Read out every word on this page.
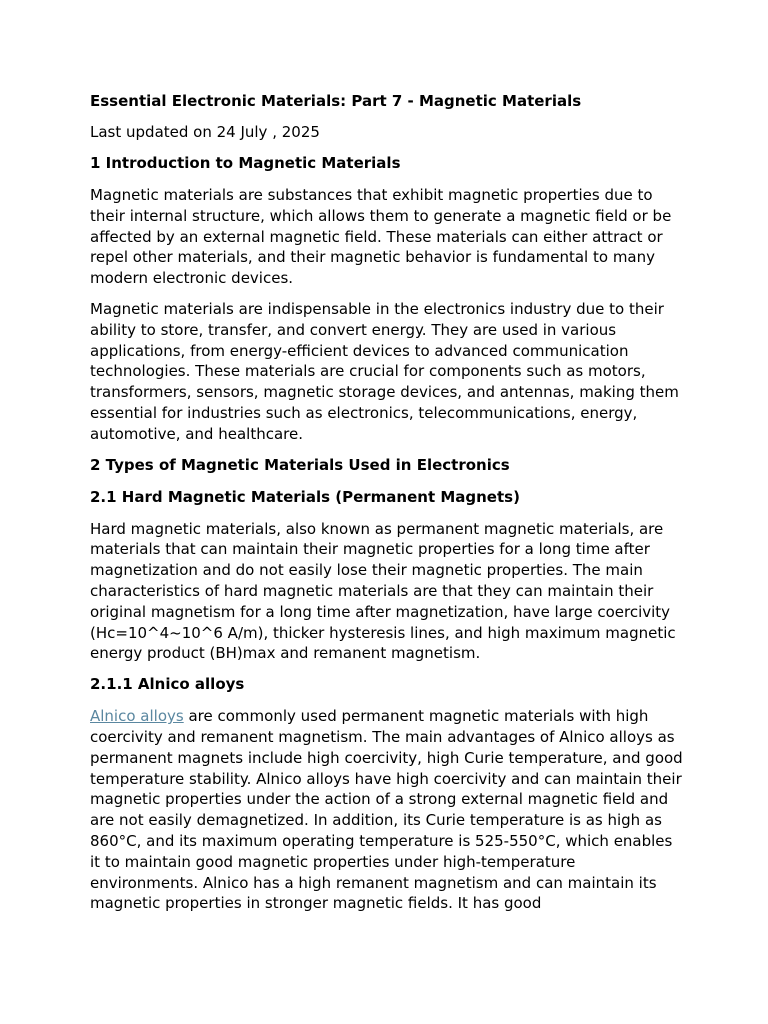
Essential Electronic Materials: Part 7 - Magnetic Materials
Last updated on 24 July , 2025
1 Introduction to Magnetic Materials

Magnetic materials are substances that exhibit magnetic properties due to their internal structure, which allows them to generate a magnetic field or be affected by an external magnetic field. These materials can either attract or repel other materials, and their magnetic behavior is fundamental to many modern electronic devices.

Magnetic materials are indispensable in the electronics industry due to their ability to store, transfer, and convert energy. They are used in various applications, from energy-efficient devices to advanced communication technologies. These materials are crucial for components such as motors, transformers, sensors, magnetic storage devices, and antennas, making them essential for industries such as electronics, telecommunications, energy, automotive, and healthcare.

2 Types of Magnetic Materials Used in Electronics
2.1 Hard Magnetic Materials (Permanent Magnets)

Hard magnetic materials, also known as permanent magnetic materials, are materials that can maintain their magnetic properties for a long time after magnetization and do not easily lose their magnetic properties. The main characteristics of hard magnetic materials are that they can maintain their original magnetism for a long time after magnetization, have large coercivity (Hc=10^4~10^6 A/m), thicker hysteresis lines, and high maximum magnetic energy product (BH)max and remanent magnetism.

2.1.1 Alnico alloys

Alnico alloys are commonly used permanent magnetic materials with high coercivity and remanent magnetism. The main advantages of Alnico alloys as permanent magnets include high coercivity, high Curie temperature, and good temperature stability. Alnico alloys have high coercivity and can maintain their magnetic properties under the action of a strong external magnetic field and are not easily demagnetized. In addition, its Curie temperature is as high as 860°C, and its maximum operating temperature is 525-550°C, which enables it to maintain good magnetic properties under high-temperature environments. Alnico has a high remanent magnetism and can maintain its magnetic properties in stronger magnetic fields. It has good
